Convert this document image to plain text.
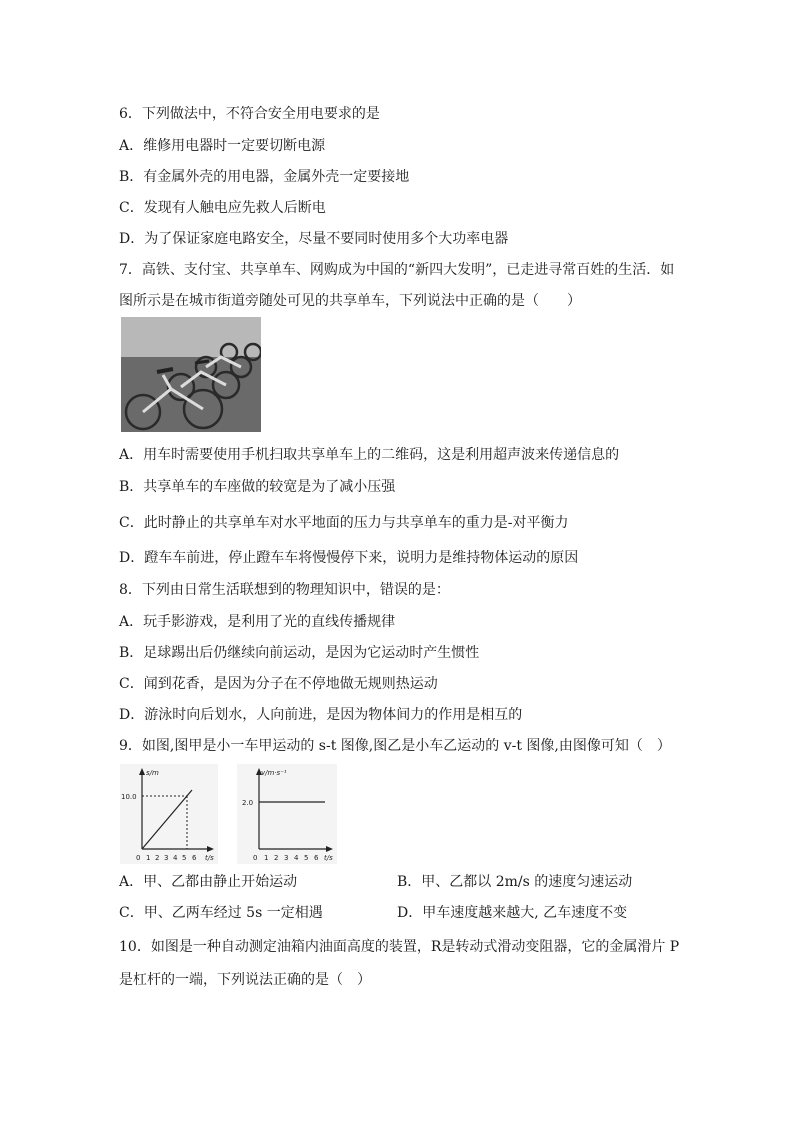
6．下列做法中，不符合安全用电要求的是
A．维修用电器时一定要切断电源
B．有金属外壳的用电器，金属外壳一定要接地
C．发现有人触电应先救人后断电
D．为了保证家庭电路安全，尽量不要同时使用多个大功率电器
7．高铁、支付宝、共享单车、网购成为中国的“新四大发明”，已走进寻常百姓的生活．如
图所示是在城市街道旁随处可见的共享单车，下列说法中正确的是（　　）
A．用车时需要使用手机扫取共享单车上的二维码，这是利用超声波来传递信息的
B．共享单车的车座做的较宽是为了减小压强
C．此时静止的共享单车对水平地面的压力与共享单车的重力是-对平衡力
D．蹬车车前进，停止蹬车车将慢慢停下来，说明力是维持物体运动的原因
8．下列由日常生活联想到的物理知识中，错误的是：
A．玩手影游戏，是利用了光的直线传播规律
B．足球踢出后仍继续向前运动，是因为它运动时产生惯性
C．闻到花香，是因为分子在不停地做无规则热运动
D．游泳时向后划水，人向前进，是因为物体间力的作用是相互的
9．如图,图甲是小一车甲运动的 s-t 图像,图乙是小车乙运动的 v-t 图像,由图像可知（　）
s/m
10.0
t/s
0 1 2 3 4 5 6
v/m·s⁻¹
2.0
t/s
0 1 2 3 4 5 6
A．甲、乙都由静止开始运动	B．甲、乙都以 2m/s 的速度匀速运动
C．甲、乙两车经过 5s 一定相遇	D．甲车速度越来越大, 乙车速度不变
10．如图是一种自动测定油箱内油面高度的装置，R是转动式滑动变阻器，它的金属滑片 P
是杠杆的一端，下列说法正确的是（　）
